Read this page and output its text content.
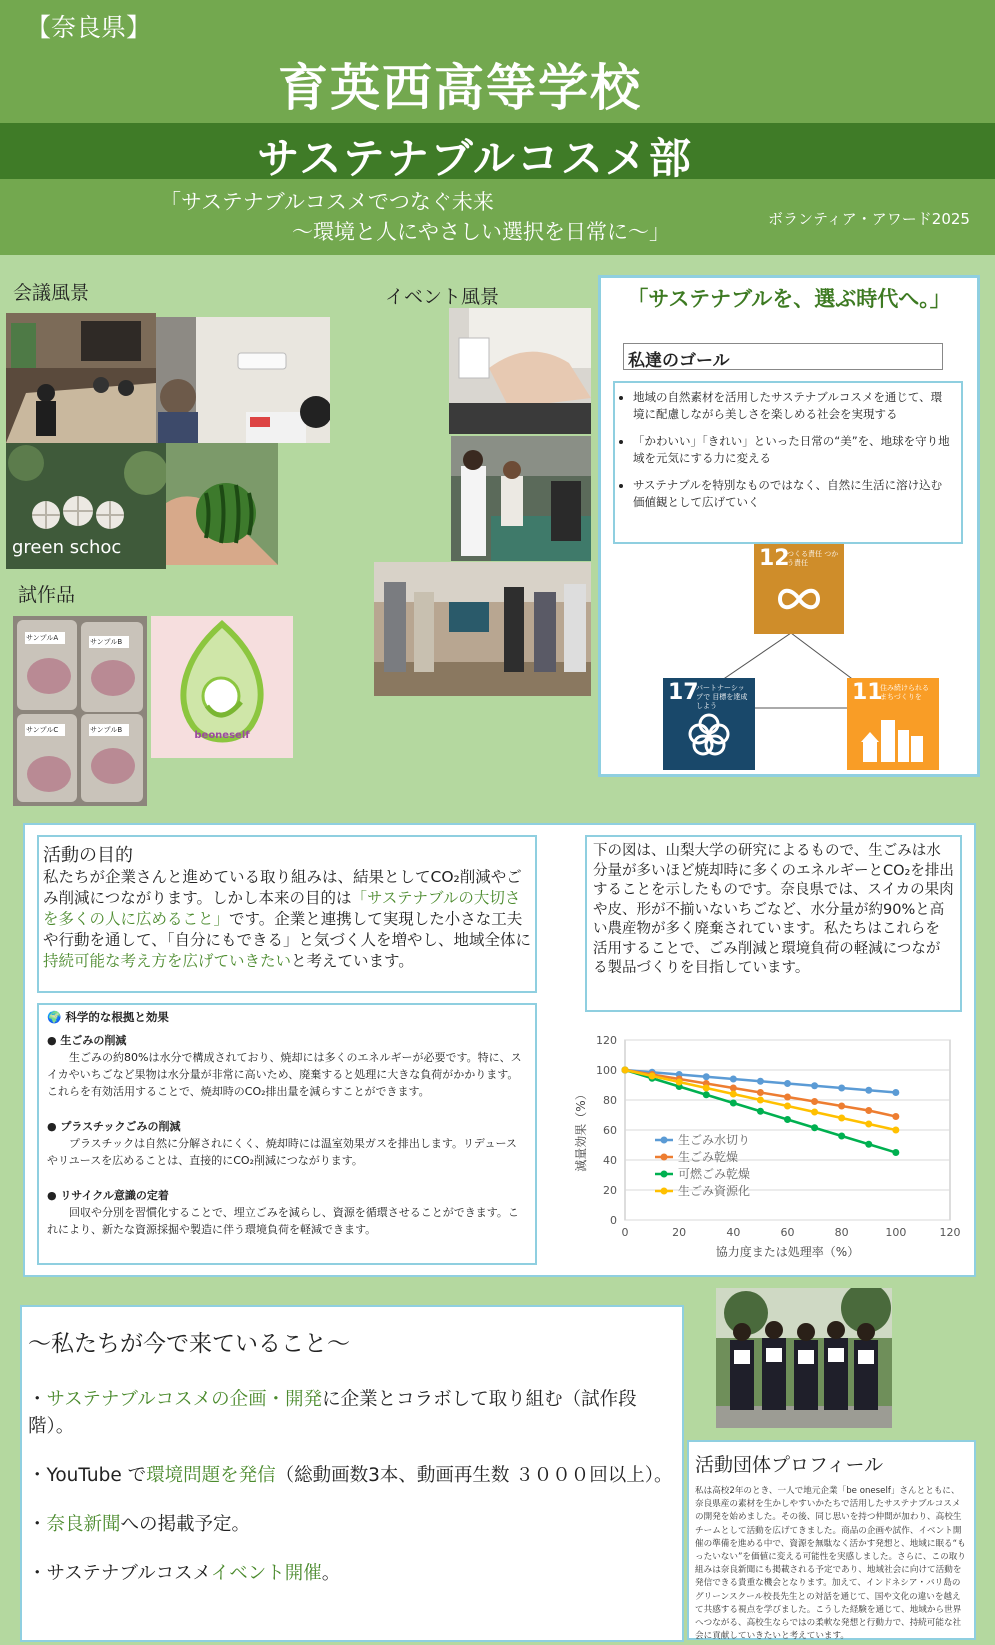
【奈良県】
育英西高等学校
サステナブルコスメ部
「サステナブルコスメでつなぐ未来
〜環境と人にやさしい選択を日常に〜」
ボランティア・アワード2025
会議風景
green schoc
試作品
サンプルA	サンプルB
サンプルC	サンプルB	beoneself
イベント風景	「サステナブルを、選ぶ時代へ。」
私達のゴール
• 地域の自然素材を活用したサステナブルコスメを通じて、環境に配慮しながら美しさを楽しめる社会を実現する
• 「かわいい」「きれい」といった日常の“美”を、地球を守り地域を元気にする力に変える
• サステナブルを特別なものではなく、自然に生活に溶け込む価値観として広げていく
12
つくる責任 つかう責任
17
パートナーシップで 目標を達成しよう
11
住み続けられる まちづくりを
活動の目的
私たちが企業さんと進めている取り組みは、結果としてCO₂削減やごみ削減につながります。しかし本来の目的は「サステナブルの大切さを多くの人に広めること」です。企業と連携して実現した小さな工夫や行動を通して、「自分にもできる」と気づく人を増やし、地域全体に持続可能な考え方を広げていきたいと考えています。
🌍 科学的な根拠と効果
● 生ごみの削減
生ごみの約80%は水分で構成されており、焼却には多くのエネルギーが必要です。特に、スイカやいちごなど果物は水分量が非常に高いため、廃棄すると処理に大きな負荷がかかります。これらを有効活用することで、焼却時のCO₂排出量を減らすことができます。
● プラスチックごみの削減
プラスチックは自然に分解されにくく、焼却時には温室効果ガスを排出します。リデュースやリユースを広めることは、直接的にCO₂削減につながります。
● リサイクル意識の定着
回収や分別を習慣化することで、埋立ごみを減らし、資源を循環させることができます。これにより、新たな資源採掘や製造に伴う環境負荷を軽減できます。
下の図は、山梨大学の研究によるもので、生ごみは水分量が多いほど焼却時に多くのエネルギーとCO₂を排出することを示したものです。奈良県では、スイカの果肉や皮、形が不揃いないちごなど、水分量が約90%と高い農産物が多く廃棄されています。私たちはこれらを活用することで、ごみ削減と環境負荷の軽減につながる製品づくりを目指しています。
0
20
40
60
80
100
120
0	20	40	60	80	100	120
協力度または処理率（%）
減量効果（%）	生ごみ水切り
生ごみ乾燥
可燃ごみ乾燥
生ごみ資源化
〜私たちが今で来ていること〜

・サステナブルコスメの企画・開発に企業とコラボして取り組む（試作段階）。

・YouTube で環境問題を発信（総動画数3本、動画再生数 ３０００回以上）。

・奈良新聞への掲載予定。

・サステナブルコスメイベント開催。

活動団体プロフィール
私は高校2年のとき、一人で地元企業「be oneself」さんとともに、奈良県産の素材を生かしやすいかたちで活用したサステナブルコスメの開発を始めました。その後、同じ思いを持つ仲間が加わり、高校生チームとして活動を広げてきました。商品の企画や試作、イベント開催の準備を進める中で、資源を無駄なく活かす発想と、地域に眠る“もったいない”を価値に変える可能性を実感しました。さらに、この取り組みは奈良新聞にも掲載される予定であり、地域社会に向けて活動を発信できる貴重な機会となります。加えて、インドネシア・バリ島のグリーンスクール校長先生との対話を通じて、国や文化の違いを越えて共感する視点を学びました。こうした経験を通じて、地域から世界へつながる、高校生ならではの柔軟な発想と行動力で、持続可能な社会に貢献していきたいと考えています。
